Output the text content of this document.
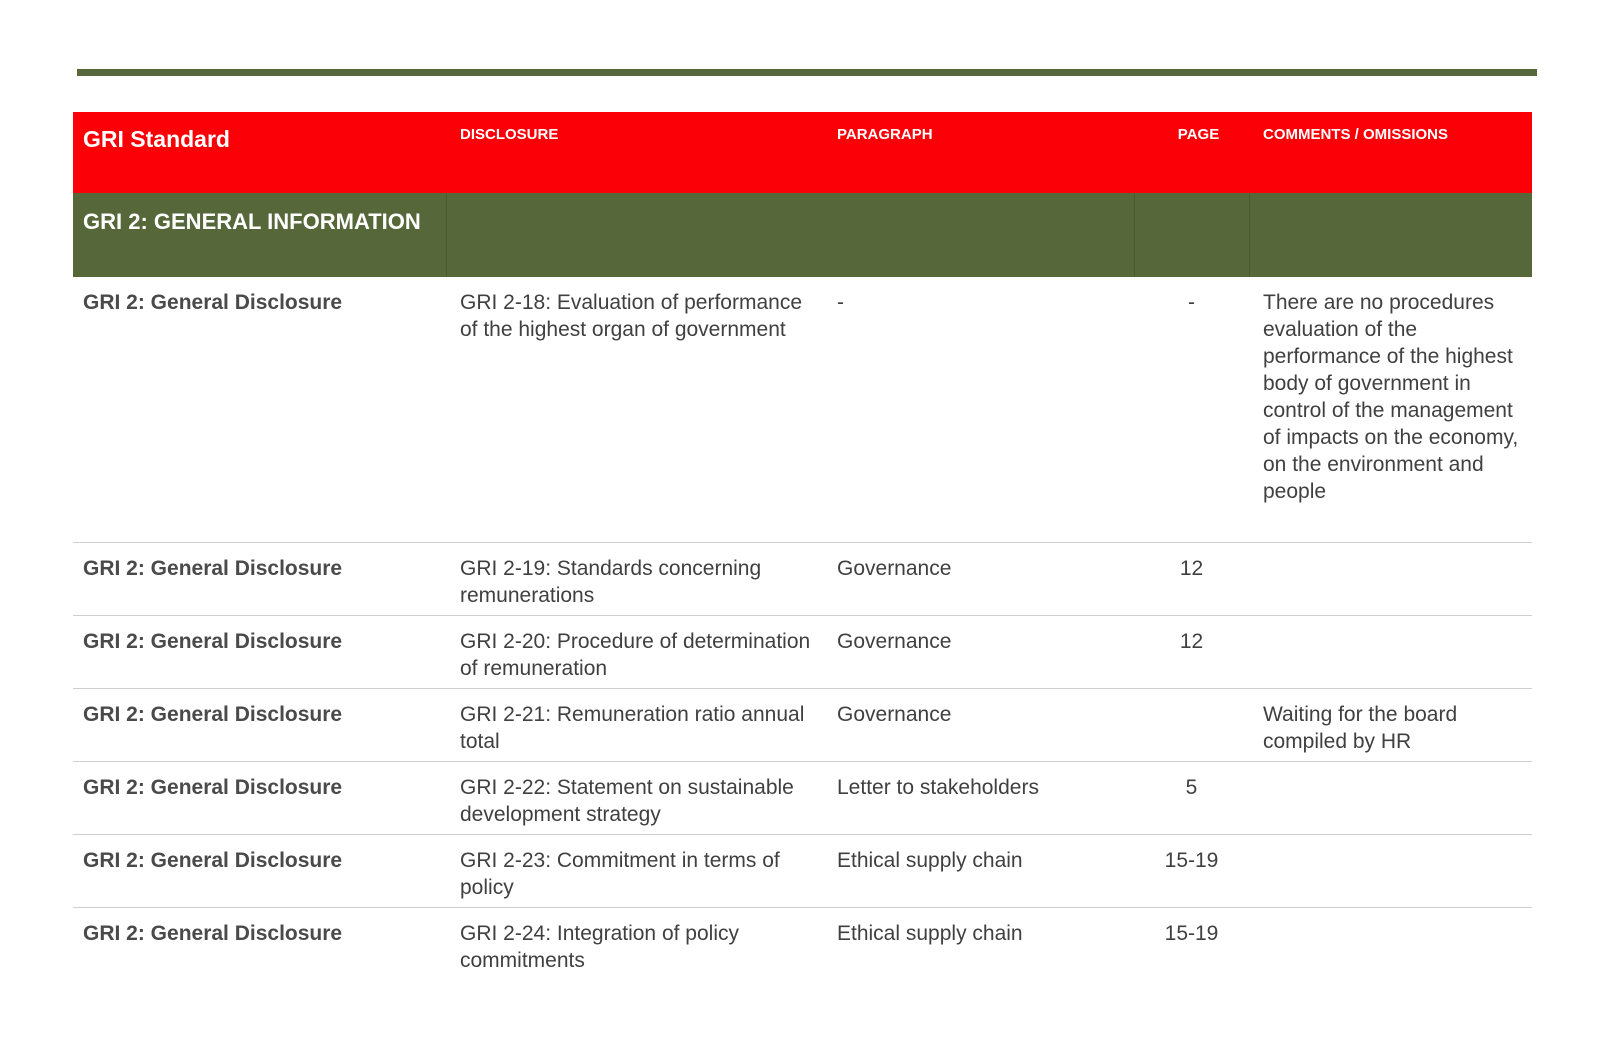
GRI Standard	DISCLOSURE	PARAGRAPH	PAGE	COMMENTS / OMISSIONS
GRI 2: GENERAL INFORMATION				
GRI 2: General Disclosure	GRI 2-18: Evaluation of performance of the highest organ of government	-	-	There are no procedures evaluation of the performance of the highest body of government in control of the management of impacts on the economy, on the environment and people
GRI 2: General Disclosure	GRI 2-19: Standards concerning remunerations	Governance	12	
GRI 2: General Disclosure	GRI 2-20: Procedure of determination of remuneration	Governance	12	
GRI 2: General Disclosure	GRI 2-21: Remuneration ratio annual total	Governance		Waiting for the board compiled by HR
GRI 2: General Disclosure	GRI 2-22: Statement on sustainable development strategy	Letter to stakeholders	5	
GRI 2: General Disclosure	GRI 2-23: Commitment in terms of policy	Ethical supply chain	15-19	
GRI 2: General Disclosure	GRI 2-24: Integration of policy commitments	Ethical supply chain	15-19	
